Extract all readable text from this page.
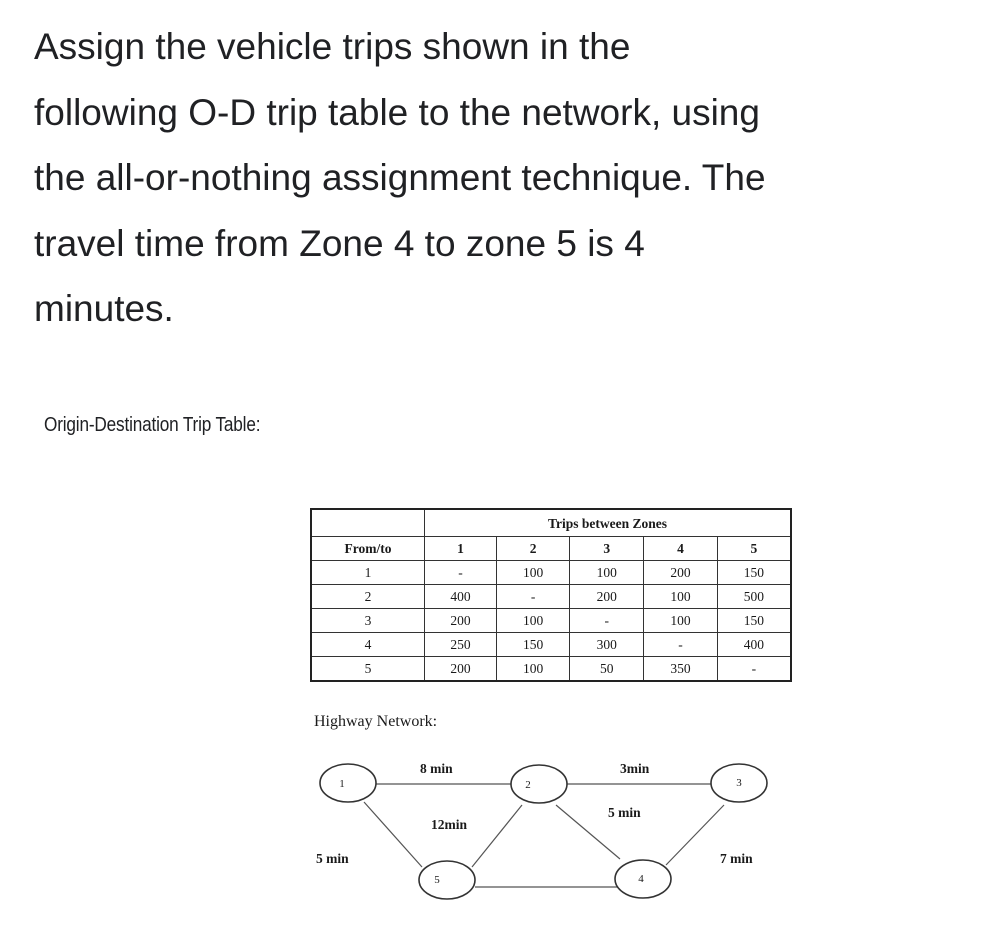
Assign the vehicle trips shown in the
following O-D trip table to the network, using
the all-or-nothing assignment technique. The
travel time from Zone 4 to zone 5 is 4
minutes.
Origin-Destination Trip Table:
	Trips between Zones				
From/to	1	2	3	4	5
1	-	100	100	200	150
2	400	-	200	100	500
3	200	100	-	100	150
4	250	150	300	-	400
5	200	100	50	350	-
Highway Network:
1	2	3
4
5
8 min	3min
5 min
12min
5 min	7 min
